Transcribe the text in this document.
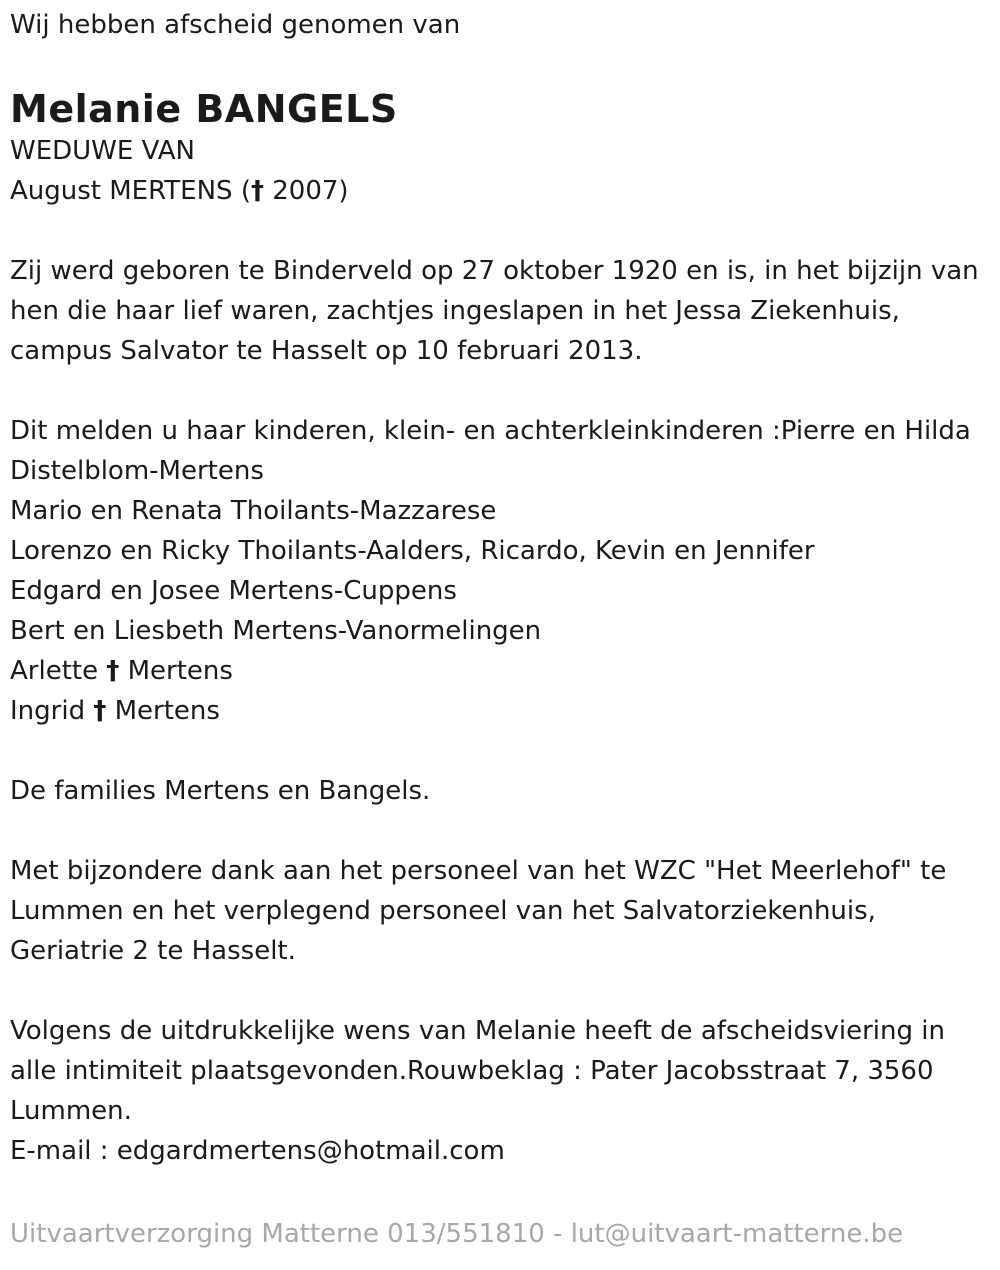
Wij hebben afscheid genomen van
Melanie BANGELS
WEDUWE VAN
August MERTENS († 2007)
Zij werd geboren te Binderveld op 27 oktober 1920 en is, in het bijzijn van
hen die haar lief waren, zachtjes ingeslapen in het Jessa Ziekenhuis,
campus Salvator te Hasselt op 10 februari 2013.
Dit melden u haar kinderen, klein- en achterkleinkinderen :Pierre en Hilda
Distelblom-Mertens
Mario en Renata Thoilants-Mazzarese
Lorenzo en Ricky Thoilants-Aalders, Ricardo, Kevin en Jennifer
Edgard en Josee Mertens-Cuppens
Bert en Liesbeth Mertens-Vanormelingen
Arlette † Mertens
Ingrid † Mertens
De families Mertens en Bangels.
Met bijzondere dank aan het personeel van het WZC "Het Meerlehof" te
Lummen en het verplegend personeel van het Salvatorziekenhuis,
Geriatrie 2 te Hasselt.
Volgens de uitdrukkelijke wens van Melanie heeft de afscheidsviering in
alle intimiteit plaatsgevonden.Rouwbeklag : Pater Jacobsstraat 7, 3560
Lummen.
E-mail : edgardmertens@hotmail.com
Uitvaartverzorging Matterne 013/551810 - lut@uitvaart-matterne.be
